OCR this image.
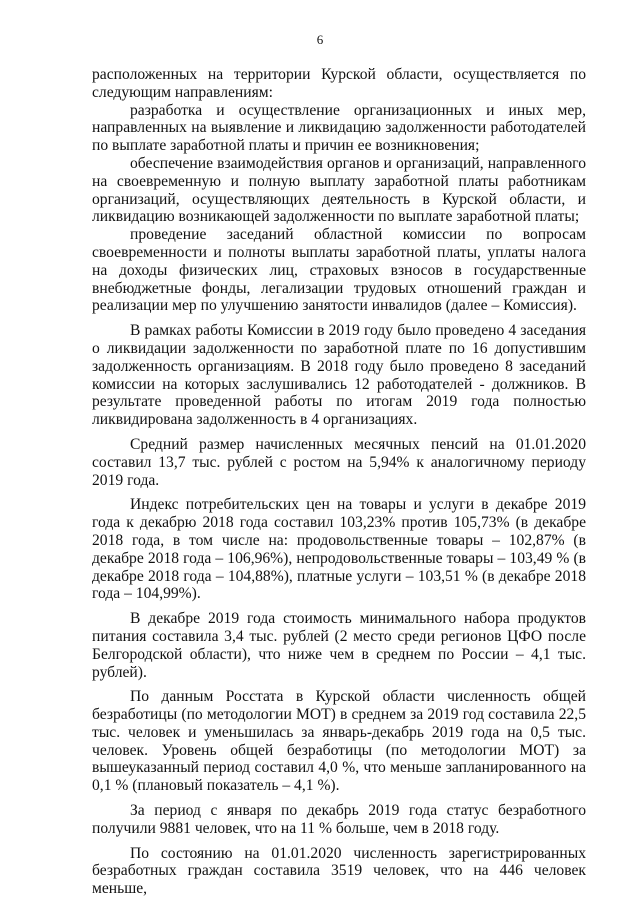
6

расположенных на территории Курской области, осуществляется по следующим направлениям:

разработка и осуществление организационных и иных мер, направленных на выявление и ликвидацию задолженности работодателей по выплате заработной платы и причин ее возникновения;

обеспечение взаимодействия органов и организаций, направленного на своевременную и полную выплату заработной платы работникам организаций, осуществляющих деятельность в Курской области, и ликвидацию возникающей задолженности по выплате заработной платы;

проведение заседаний областной комиссии по вопросам своевременности и полноты выплаты заработной платы, уплаты налога на доходы физических лиц, страховых взносов в государственные внебюджетные фонды, легализации трудовых отношений граждан и реализации мер по улучшению занятости инвалидов (далее – Комиссия).

В рамках работы Комиссии в 2019 году было проведено 4 заседания о ликвидации задолженности по заработной плате по 16 допустившим задолженность организациям. В 2018 году было проведено 8 заседаний комиссии на которых заслушивались 12 работодателей - должников. В результате проведенной работы по итогам 2019 года полностью ликвидирована задолженность в 4 организациях.

Средний размер начисленных месячных пенсий на 01.01.2020 составил 13,7 тыс. рублей с ростом на 5,94% к аналогичному периоду 2019 года.

Индекс потребительских цен на товары и услуги в декабре 2019 года к декабрю 2018 года составил 103,23% против 105,73% (в декабре 2018 года, в том числе на: продовольственные товары – 102,87% (в декабре 2018 года – 106,96%), непродовольственные товары – 103,49 % (в декабре 2018 года – 104,88%), платные услуги – 103,51 % (в декабре 2018 года – 104,99%).

В декабре 2019 года стоимость минимального набора продуктов питания составила 3,4 тыс. рублей (2 место среди регионов ЦФО после Белгородской области), что ниже чем в среднем по России – 4,1 тыс. рублей).

По данным Росстата в Курской области численность общей безработицы (по методологии МОТ) в среднем за 2019 год составила 22,5 тыс. человек и уменьшилась за январь-декабрь 2019 года на 0,5 тыс. человек. Уровень общей безработицы (по методологии МОТ) за вышеуказанный период составил 4,0 %, что меньше запланированного на 0,1 % (плановый показатель – 4,1 %).

За период с января по декабрь 2019 года статус безработного получили 9881 человек, что на 11 % больше, чем в 2018 году.

По состоянию на 01.01.2020 численность зарегистрированных безработных граждан составила 3519 человек, что на 446 человек меньше,
